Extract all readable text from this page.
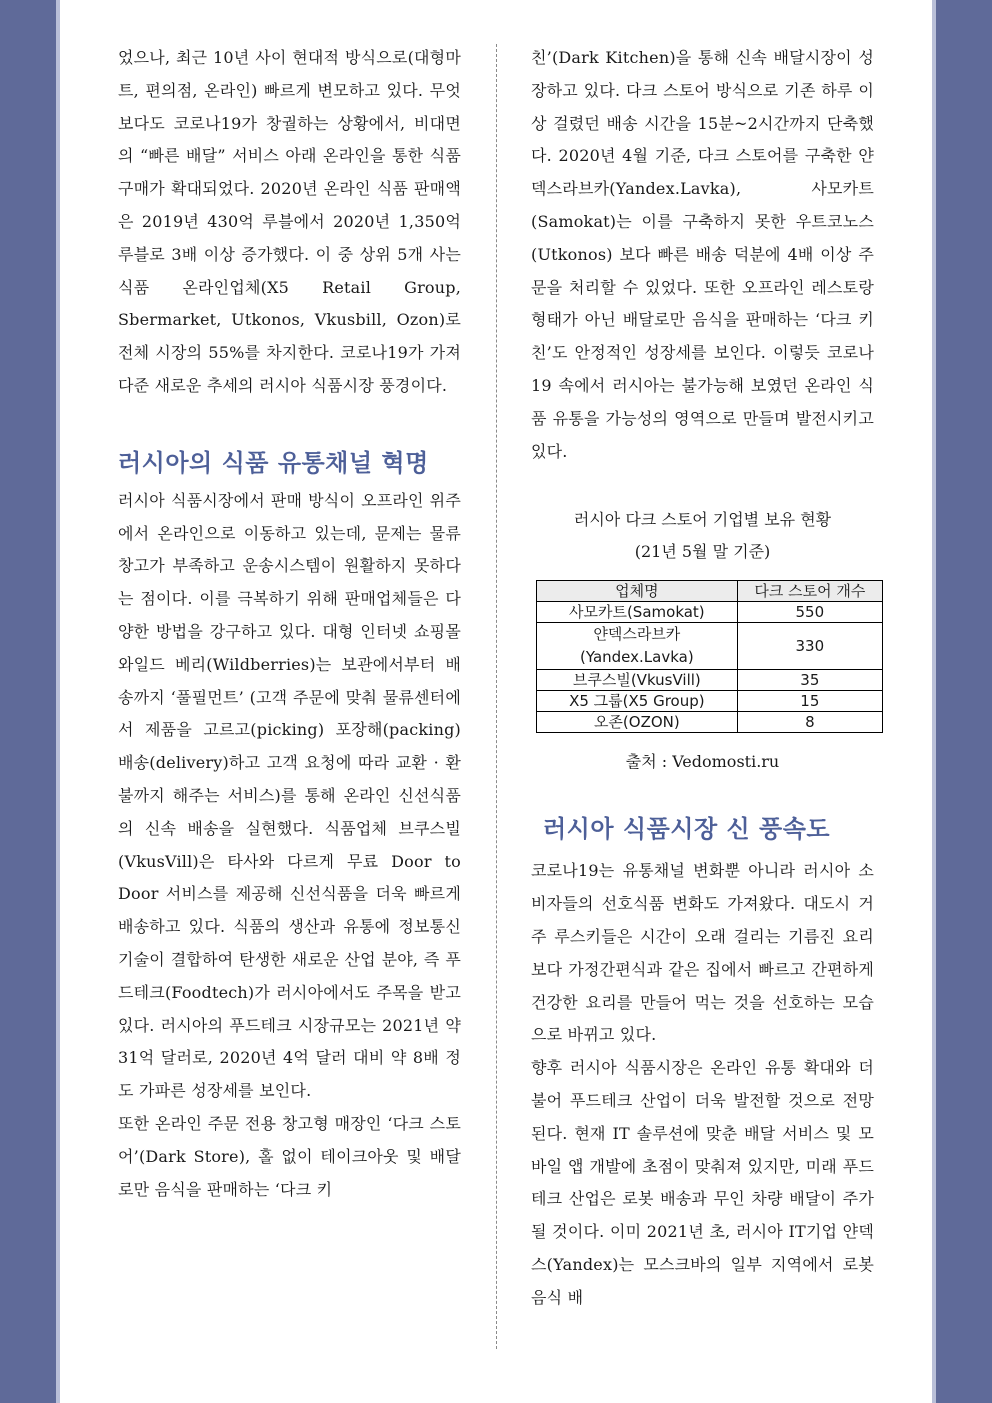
었으나, 최근 10년 사이 현대적 방식으로(대형마트, 편의점, 온라인) 빠르게 변모하고 있다. 무엇보다도 코로나19가 창궐하는 상황에서, 비대면의 “빠른 배달” 서비스 아래 온라인을 통한 식품 구매가 확대되었다. 2020년 온라인 식품 판매액은 2019년 430억 루블에서 2020년 1,350억 루블로 3배 이상 증가했다. 이 중 상위 5개 사는 식품 온라인업체(X5 Retail Group, Sbermarket, Utkonos, Vkusbill, Ozon)로 전체 시장의 55%를 차지한다. 코로나19가 가져다준 새로운 추세의 러시아 식품시장 풍경이다.

러시아의 식품 유통채널 혁명

러시아 식품시장에서 판매 방식이 오프라인 위주에서 온라인으로 이동하고 있는데, 문제는 물류창고가 부족하고 운송시스템이 원활하지 못하다는 점이다. 이를 극복하기 위해 판매업체들은 다양한 방법을 강구하고 있다. 대형 인터넷 쇼핑몰 와일드 베리(Wildberries)는 보관에서부터 배송까지 ‘풀필먼트’ (고객 주문에 맞춰 물류센터에서 제품을 고르고(picking) 포장해(packing) 배송(delivery)하고 고객 요청에 따라 교환 · 환불까지 해주는 서비스)를 통해 온라인 신선식품의 신속 배송을 실현했다. 식품업체 브쿠스빌(VkusVill)은 타사와 다르게 무료 Door to Door 서비스를 제공해 신선식품을 더욱 빠르게 배송하고 있다. 식품의 생산과 유통에 정보통신 기술이 결합하여 탄생한 새로운 산업 분야, 즉 푸드테크(Foodtech)가 러시아에서도 주목을 받고 있다. 러시아의 푸드테크 시장규모는 2021년 약 31억 달러로, 2020년 4억 달러 대비 약 8배 정도 가파른 성장세를 보인다.

또한 온라인 주문 전용 창고형 매장인 ‘다크 스토어’(Dark Store), 홀 없이 테이크아웃 및 배달로만 음식을 판매하는 ‘다크 키

친’(Dark Kitchen)을 통해 신속 배달시장이 성장하고 있다. 다크 스토어 방식으로 기존 하루 이상 걸렸던 배송 시간을 15분~2시간까지 단축했다. 2020년 4월 기준, 다크 스토어를 구축한 얀덱스라브카(Yandex.Lavka), 사모카트(Samokat)는 이를 구축하지 못한 우트코노스(Utkonos) 보다 빠른 배송 덕분에 4배 이상 주문을 처리할 수 있었다. 또한 오프라인 레스토랑 형태가 아닌 배달로만 음식을 판매하는 ‘다크 키친’도 안정적인 성장세를 보인다. 이렇듯 코로나19 속에서 러시아는 불가능해 보였던 온라인 식품 유통을 가능성의 영역으로 만들며 발전시키고 있다.

러시아 다크 스토어 기업별 보유 현황
(21년 5월 말 기준)
업체명	다크 스토어 개수
사모카트(Samokat)	550
얀덱스라브카 (Yandex.Lavka)	330
브쿠스빌(VkusVill)	35
X5 그룹(X5 Group)	15
오존(OZON)	8
출처 : Vedomosti.ru
러시아 식품시장 신 풍속도

코로나19는 유통채널 변화뿐 아니라 러시아 소비자들의 선호식품 변화도 가져왔다. 대도시 거주 루스키들은 시간이 오래 걸리는 기름진 요리보다 가정간편식과 같은 집에서 빠르고 간편하게 건강한 요리를 만들어 먹는 것을 선호하는 모습으로 바뀌고 있다.

향후 러시아 식품시장은 온라인 유통 확대와 더불어 푸드테크 산업이 더욱 발전할 것으로 전망된다. 현재 IT 솔루션에 맞춘 배달 서비스 및 모바일 앱 개발에 초점이 맞춰져 있지만, 미래 푸드테크 산업은 로봇 배송과 무인 차량 배달이 주가 될 것이다. 이미 2021년 초, 러시아 IT기업 얀덱스(Yandex)는 모스크바의 일부 지역에서 로봇 음식 배
